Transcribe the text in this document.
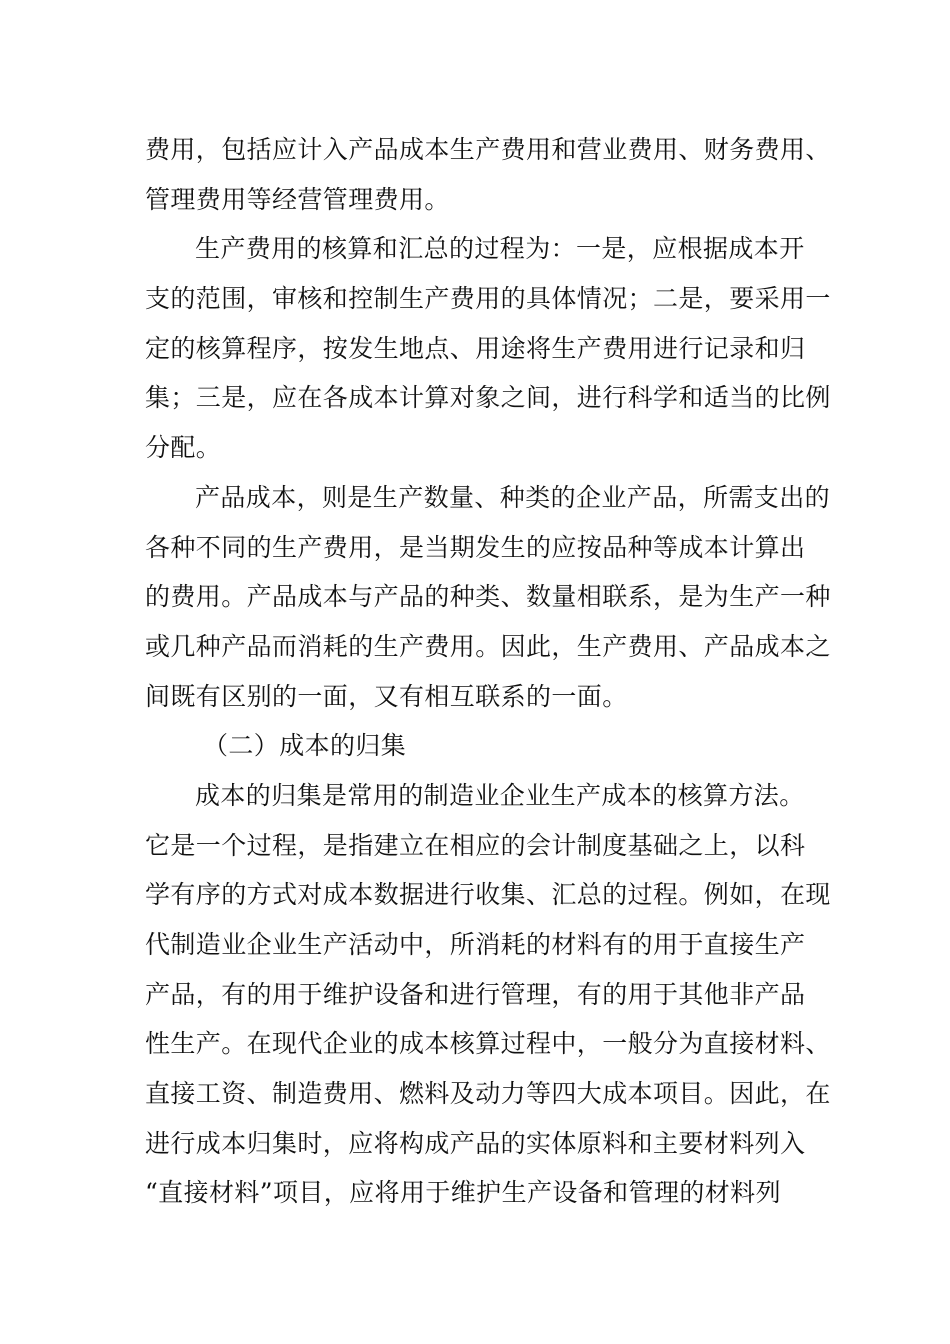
费用，包括应计入产品成本生产费用和营业费用、财务费用、
管理费用等经营管理费用。
生产费用的核算和汇总的过程为：一是，应根据成本开
支的范围，审核和控制生产费用的具体情况；二是，要采用一
定的核算程序，按发生地点、用途将生产费用进行记录和归
集；三是，应在各成本计算对象之间，进行科学和适当的比例
分配。
产品成本，则是生产数量、种类的企业产品，所需支出的
各种不同的生产费用，是当期发生的应按品种等成本计算出
的费用。产品成本与产品的种类、数量相联系，是为生产一种
或几种产品而消耗的生产费用。因此，生产费用、产品成本之
间既有区别的一面，又有相互联系的一面。
（二）成本的归集
成本的归集是常用的制造业企业生产成本的核算方法。
它是一个过程，是指建立在相应的会计制度基础之上，以科
学有序的方式对成本数据进行收集、汇总的过程。例如，在现
代制造业企业生产活动中，所消耗的材料有的用于直接生产
产品，有的用于维护设备和进行管理，有的用于其他非产品
性生产。在现代企业的成本核算过程中，一般分为直接材料、
直接工资、制造费用、燃料及动力等四大成本项目。因此，在
进行成本归集时，应将构成产品的实体原料和主要材料列入
“直接材料”项目，应将用于维护生产设备和管理的材料列
